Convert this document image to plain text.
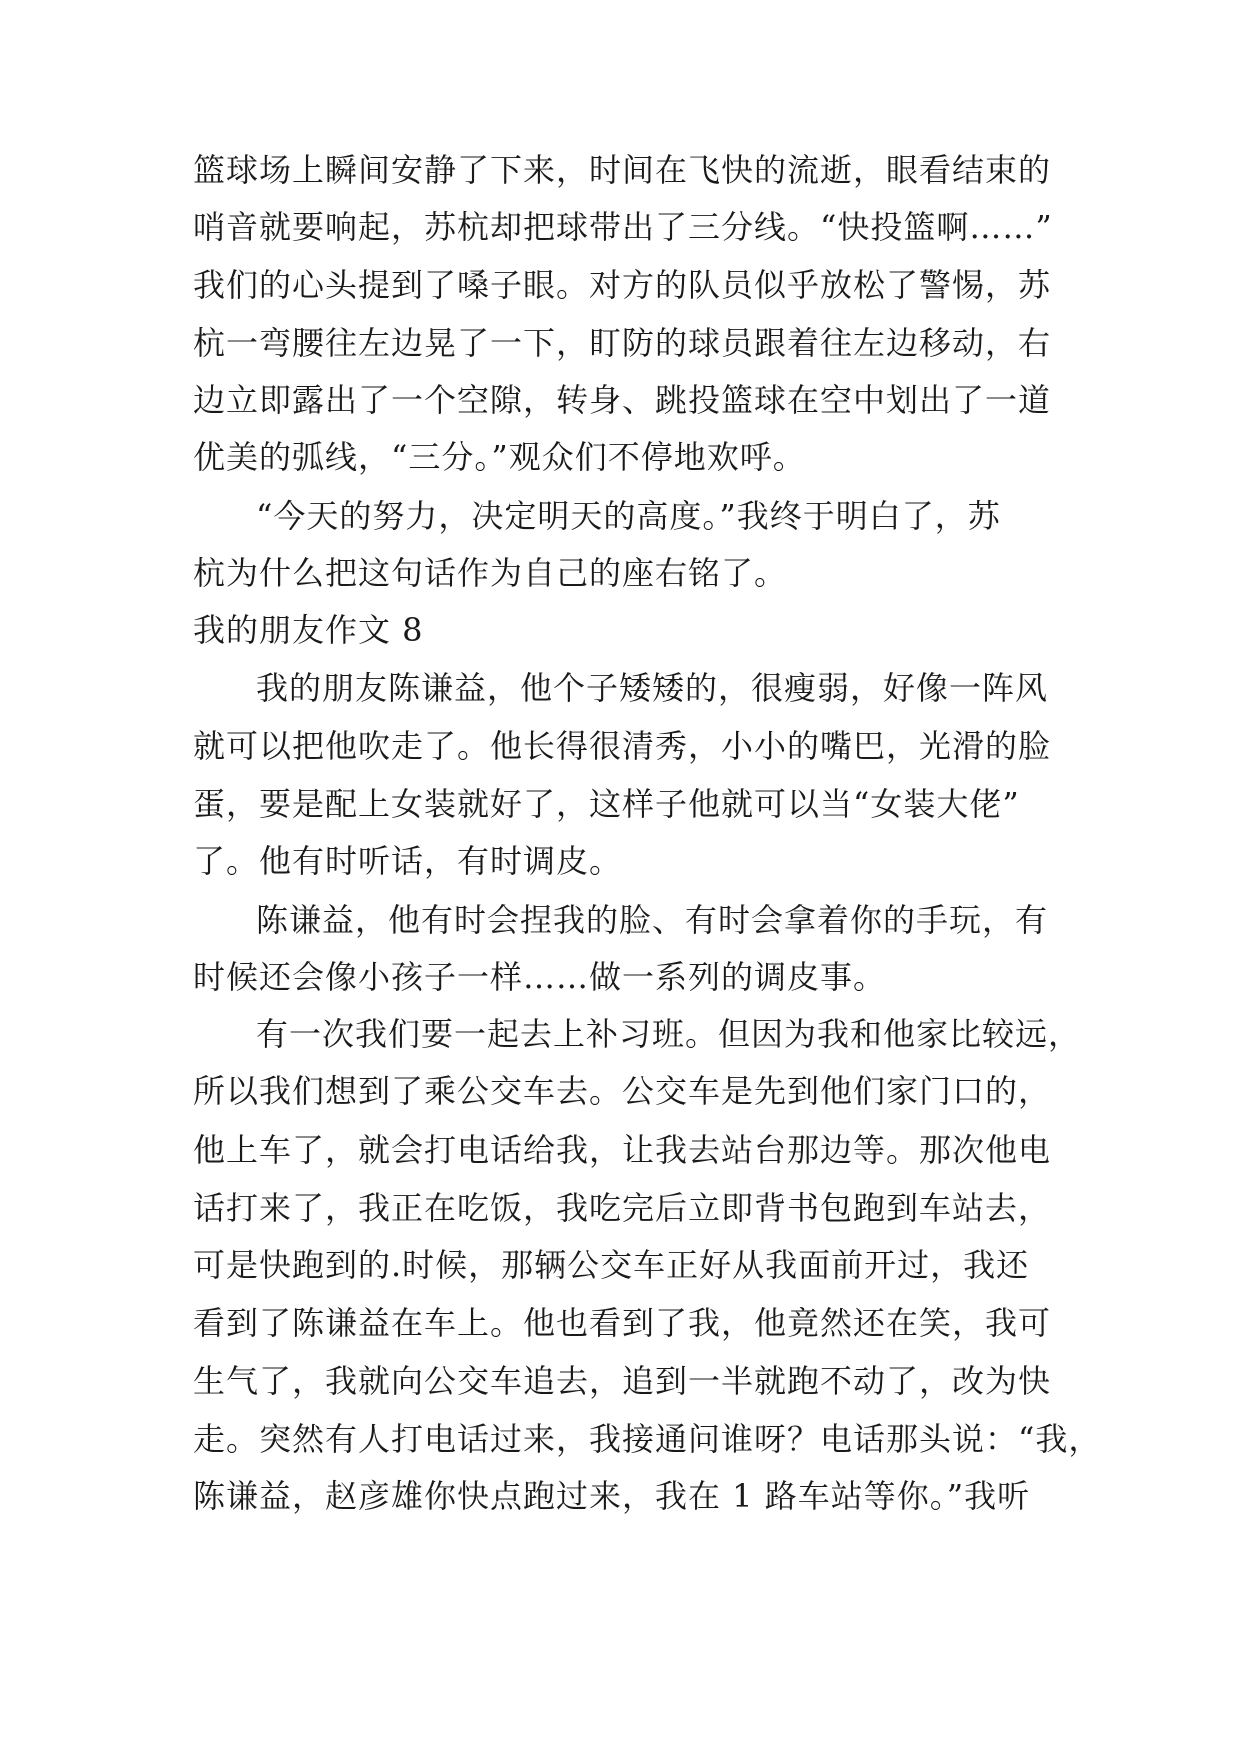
篮球场上瞬间安静了下来，时间在飞快的流逝，眼看结束的
哨音就要响起，苏杭却把球带出了三分线。“快投篮啊……”
我们的心头提到了嗓子眼。对方的队员似乎放松了警惕，苏
杭一弯腰往左边晃了一下，盯防的球员跟着往左边移动，右
边立即露出了一个空隙，转身、跳投篮球在空中划出了一道
优美的弧线，“三分。”观众们不停地欢呼。
“今天的努力，决定明天的高度。”我终于明白了，苏
杭为什么把这句话作为自己的座右铭了。
我的朋友作文 8
我的朋友陈谦益，他个子矮矮的，很瘦弱，好像一阵风
就可以把他吹走了。他长得很清秀，小小的嘴巴，光滑的脸
蛋，要是配上女装就好了，这样子他就可以当“女装大佬”
了。他有时听话，有时调皮。
陈谦益，他有时会捏我的脸、有时会拿着你的手玩，有
时候还会像小孩子一样……做一系列的调皮事。
有一次我们要一起去上补习班。但因为我和他家比较远，
所以我们想到了乘公交车去。公交车是先到他们家门口的，
他上车了，就会打电话给我，让我去站台那边等。那次他电
话打来了，我正在吃饭，我吃完后立即背书包跑到车站去，
可是快跑到的.时候，那辆公交车正好从我面前开过，我还
看到了陈谦益在车上。他也看到了我，他竟然还在笑，我可
生气了，我就向公交车追去，追到一半就跑不动了，改为快
走。突然有人打电话过来，我接通问谁呀？电话那头说：“我，
陈谦益，赵彦雄你快点跑过来，我在 1 路车站等你。”我听
